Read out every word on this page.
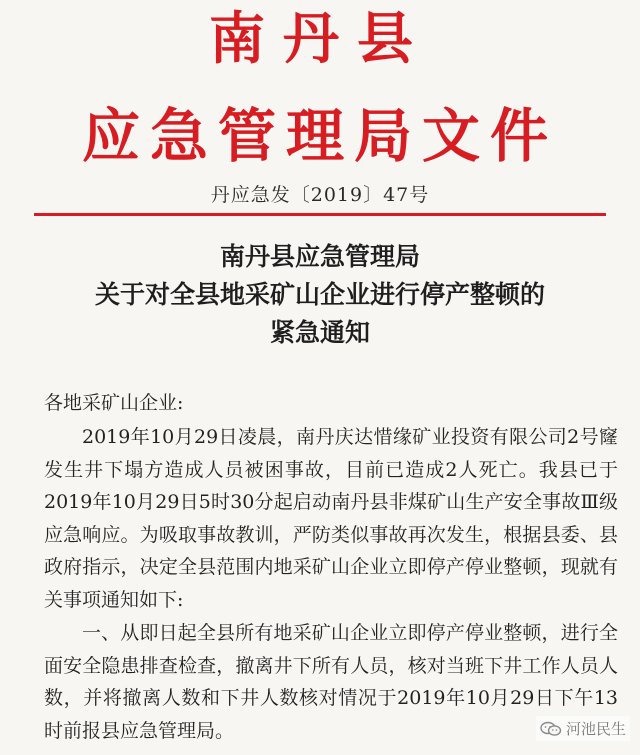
南丹县
应急管理局文件
丹应急发〔2019〕47号
南丹县应急管理局
关于对全县地采矿山企业进行停产整顿的
紧急通知
各地采矿山企业:

2019年10月29日凌晨，南丹庆达惜缘矿业投资有限公司2号窿发生井下塌方造成人员被困事故，目前已造成2人死亡。我县已于2019年10月29日5时30分起启动南丹县非煤矿山生产安全事故Ⅲ级应急响应。为吸取事故教训，严防类似事故再次发生，根据县委、县政府指示，决定全县范围内地采矿山企业立即停产停业整顿，现就有关事项通知如下:

一、从即日起全县所有地采矿山企业立即停产停业整顿，进行全面安全隐患排查检查，撤离井下所有人员，核对当班下井工作人员人数，并将撤离人数和下井人数核对情况于2019年10月29日下午13时前报县应急管理局。	河池民生
